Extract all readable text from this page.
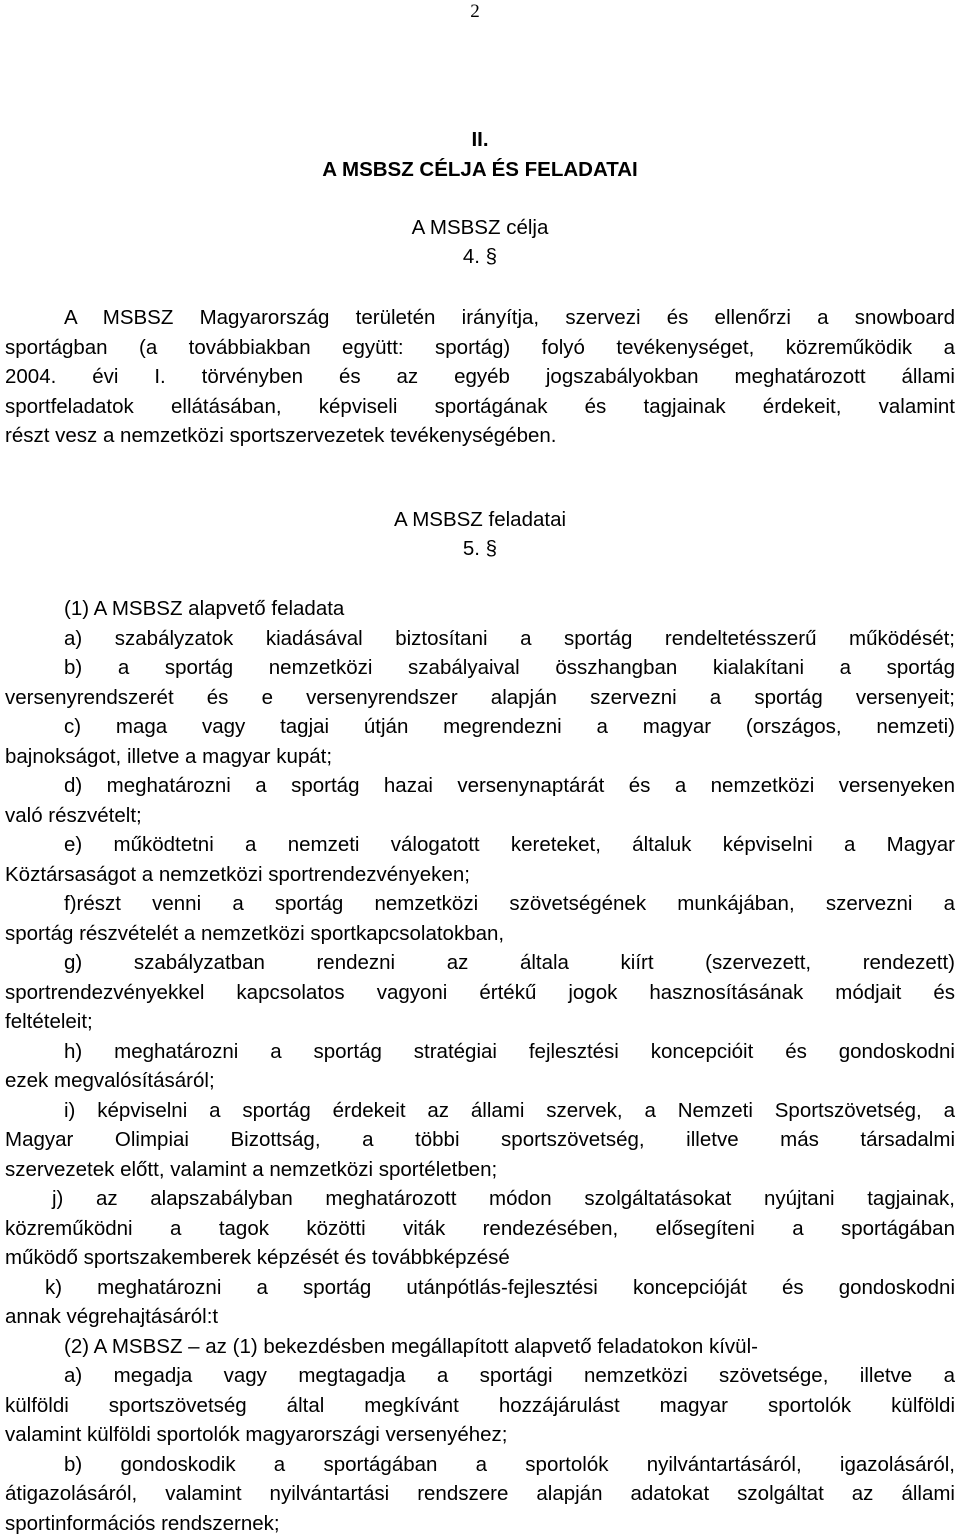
2
II.
A MSBSZ CÉLJA ÉS FELADATAI
A MSBSZ célja
4. §
A MSBSZ Magyarország területén irányítja, szervezi és ellenőrzi a snowboard
sportágban (a továbbiakban együtt: sportág) folyó tevékenységet, közreműködik a
2004. évi I. törvényben és az egyéb jogszabályokban meghatározott állami
sportfeladatok ellátásában, képviseli sportágának és tagjainak érdekeit, valamint
részt vesz a nemzetközi sportszervezetek tevékenységében.
A MSBSZ feladatai
5. §
(1) A MSBSZ alapvető feladata
a) szabályzatok kiadásával biztosítani a sportág rendeltetésszerű működését;
b) a sportág nemzetközi szabályaival összhangban kialakítani a sportág
versenyrendszerét és e versenyrendszer alapján szervezni a sportág versenyeit;
c) maga vagy tagjai útján megrendezni a magyar (országos, nemzeti)
bajnokságot, illetve a magyar kupát;
d) meghatározni a sportág hazai versenynaptárát és a nemzetközi versenyeken
való részvételt;
e) működtetni a nemzeti válogatott kereteket, általuk képviselni a Magyar
Köztársaságot a nemzetközi sportrendezvényeken;
f)részt venni a sportág nemzetközi szövetségének munkájában, szervezni a
sportág részvételét a nemzetközi sportkapcsolatokban,
g) szabályzatban rendezni az általa kiírt (szervezett, rendezett)
sportrendezvényekkel kapcsolatos vagyoni értékű jogok hasznosításának módjait és
feltételeit;
h) meghatározni a sportág stratégiai fejlesztési koncepcióit és gondoskodni
ezek megvalósításáról;
i) képviselni a sportág érdekeit az állami szervek, a Nemzeti Sportszövetség, a
Magyar Olimpiai Bizottság, a többi sportszövetség, illetve más társadalmi
szervezetek előtt, valamint a nemzetközi sportéletben;
j) az alapszabályban meghatározott módon szolgáltatásokat nyújtani tagjainak,
közreműködni a tagok közötti viták rendezésében, elősegíteni a sportágában
működő sportszakemberek képzését és továbbképzésé
k) meghatározni a sportág utánpótlás-fejlesztési koncepcióját és gondoskodni
annak végrehajtásáról:t
(2) A MSBSZ – az (1) bekezdésben megállapított alapvető feladatokon kívül-
a) megadja vagy megtagadja a sportági nemzetközi szövetsége, illetve a
külföldi sportszövetség által megkívánt hozzájárulást magyar sportolók külföldi
valamint külföldi sportolók magyarországi versenyéhez;
b) gondoskodik a sportágában a sportolók nyilvántartásáról, igazolásáról,
átigazolásáról, valamint nyilvántartási rendszere alapján adatokat szolgáltat az állami
sportinformációs rendszernek;
